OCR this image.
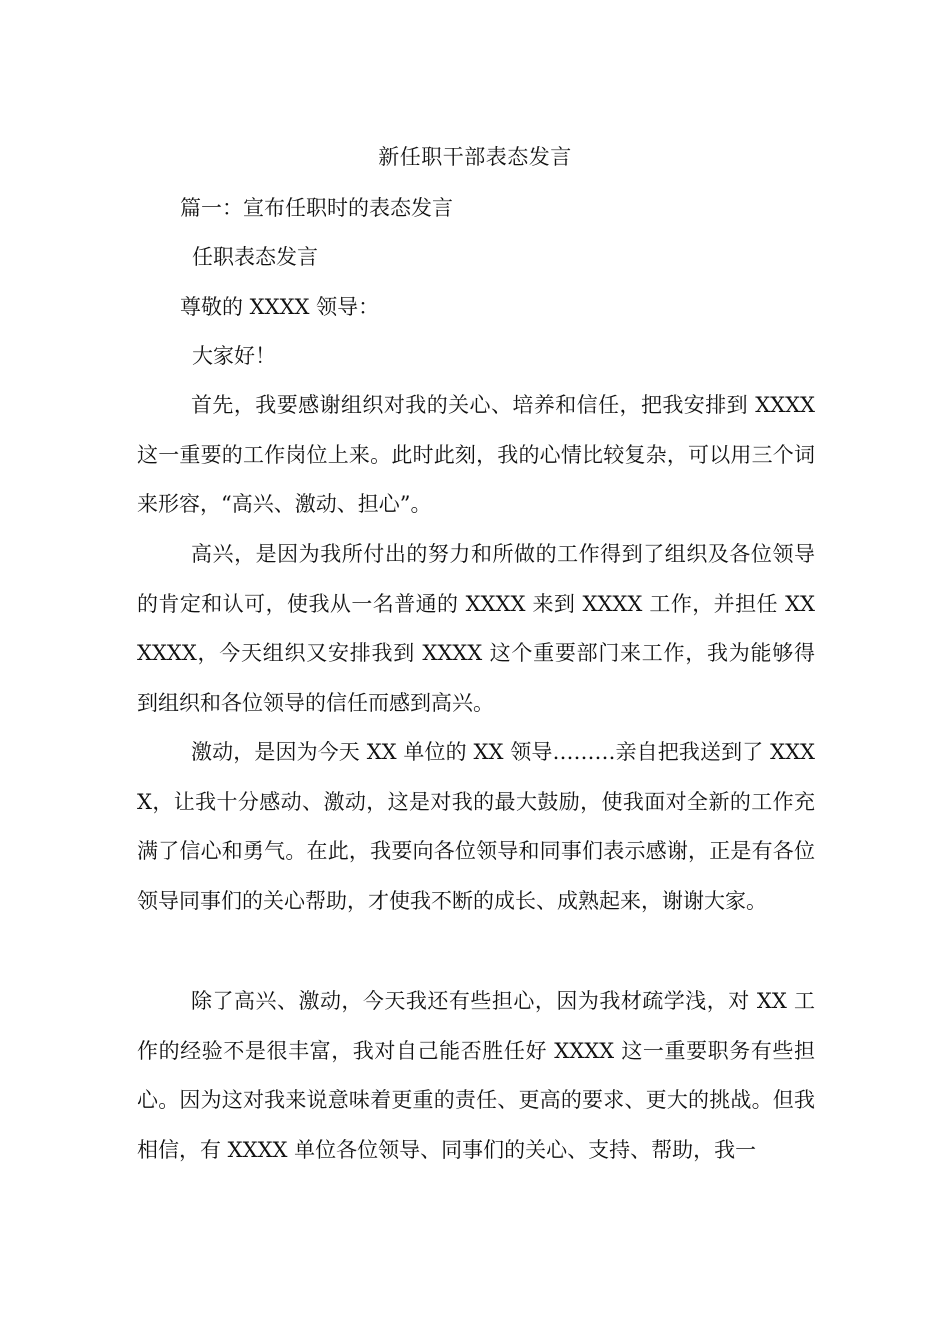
新任职干部表态发言
篇一：宣布任职时的表态发言
任职表态发言
尊敬的 XXXX 领导：
大家好！
首先，我要感谢组织对我的关心、培养和信任，把我安排到 XXXX 这一重要的工作岗位上来。此时此刻，我的心情比较复杂，可以用三个词来形容，“高兴、激动、担心”。
高兴，是因为我所付出的努力和所做的工作得到了组织及各位领导的肯定和认可，使我从一名普通的 XXXX 来到 XXXX 工作，并担任 XXXXXX，今天组织又安排我到 XXXX 这个重要部门来工作，我为能够得到组织和各位领导的信任而感到高兴。
激动，是因为今天 XX 单位的 XX 领导………亲自把我送到了 XXXX，让我十分感动、激动，这是对我的最大鼓励，使我面对全新的工作充满了信心和勇气。在此，我要向各位领导和同事们表示感谢，正是有各位领导同事们的关心帮助，才使我不断的成长、成熟起来，谢谢大家。
除了高兴、激动，今天我还有些担心，因为我材疏学浅，对 XX 工作的经验不是很丰富，我对自己能否胜任好 XXXX 这一重要职务有些担心。因为这对我来说意味着更重的责任、更高的要求、更大的挑战。但我相信，有 XXXX 单位各位领导、同事们的关心、支持、帮助，我一
